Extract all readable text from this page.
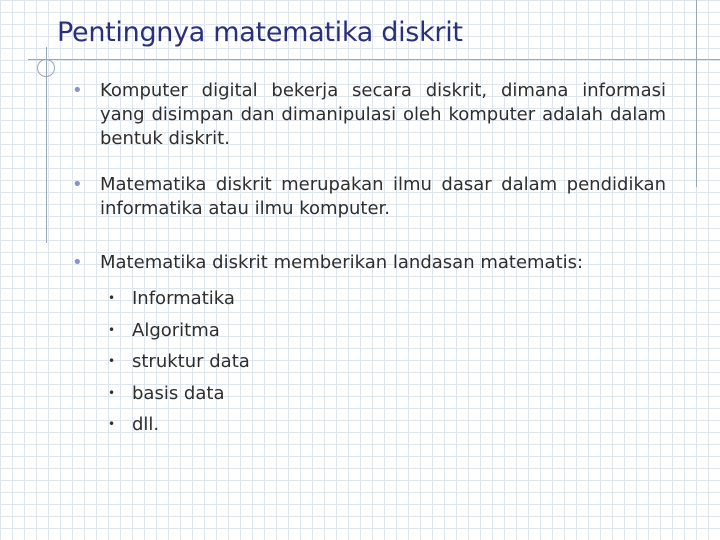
Pentingnya matematika diskrit
• Komputer digital bekerja secara diskrit, dimana informasi yang disimpan dan dimanipulasi oleh komputer adalah dalam bentuk diskrit.
• Matematika diskrit merupakan ilmu dasar dalam pendidikan informatika atau ilmu komputer.
• Matematika diskrit memberikan landasan matematis:
• Informatika
• Algoritma
• struktur data
• basis data
• dll.
